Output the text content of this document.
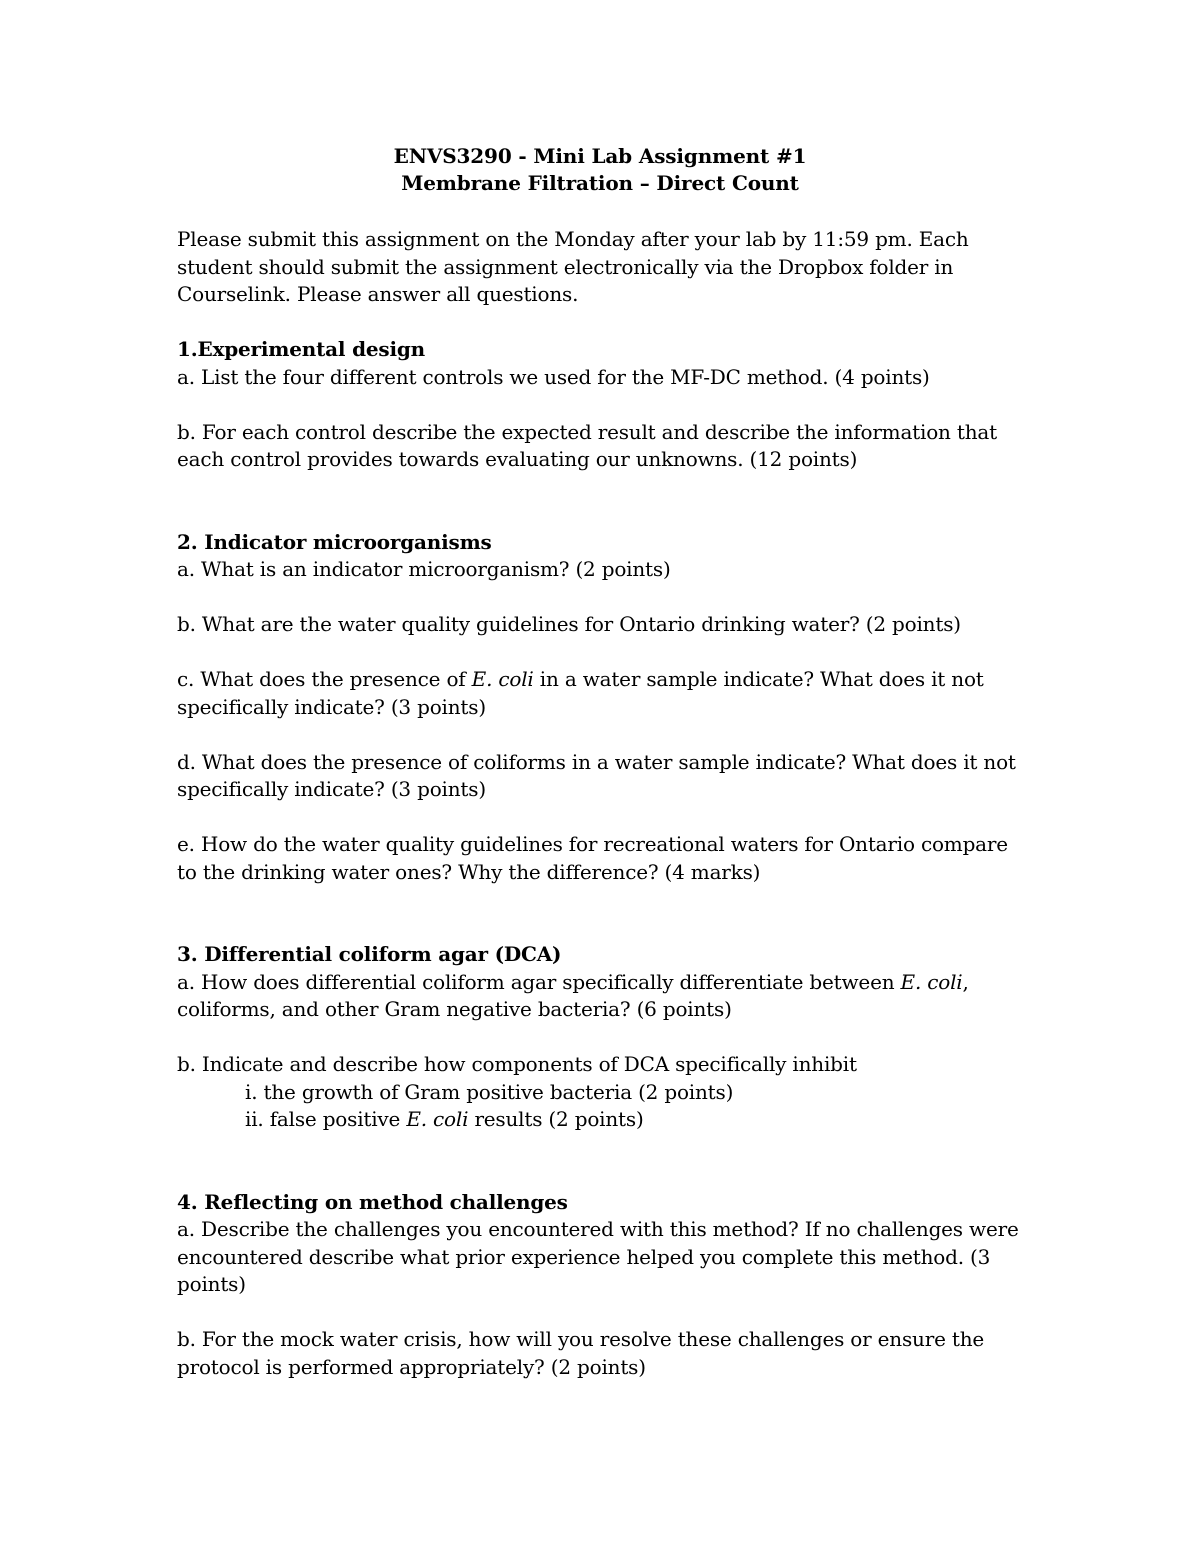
ENVS3290 - Mini Lab Assignment #1
Membrane Filtration – Direct Count
Please submit this assignment on the Monday after your lab by 11:59 pm. Each
student should submit the assignment electronically via the Dropbox folder in
Courselink. Please answer all questions.
1.Experimental design
a. List the four different controls we used for the MF-DC method. (4 points)
b. For each control describe the expected result and describe the information that
each control provides towards evaluating our unknowns. (12 points)
2. Indicator microorganisms
a. What is an indicator microorganism? (2 points)
b. What are the water quality guidelines for Ontario drinking water? (2 points)
c. What does the presence of E. coli in a water sample indicate? What does it not
specifically indicate? (3 points)
d. What does the presence of coliforms in a water sample indicate? What does it not
specifically indicate? (3 points)
e. How do the water quality guidelines for recreational waters for Ontario compare
to the drinking water ones? Why the difference? (4 marks)
3. Differential coliform agar (DCA)
a. How does differential coliform agar specifically differentiate between E. coli,
coliforms, and other Gram negative bacteria? (6 points)
b. Indicate and describe how components of DCA specifically inhibit
i. the growth of Gram positive bacteria (2 points)
ii. false positive E. coli results (2 points)
4. Reflecting on method challenges
a. Describe the challenges you encountered with this method? If no challenges were
encountered describe what prior experience helped you complete this method. (3
points)
b. For the mock water crisis, how will you resolve these challenges or ensure the
protocol is performed appropriately? (2 points)
